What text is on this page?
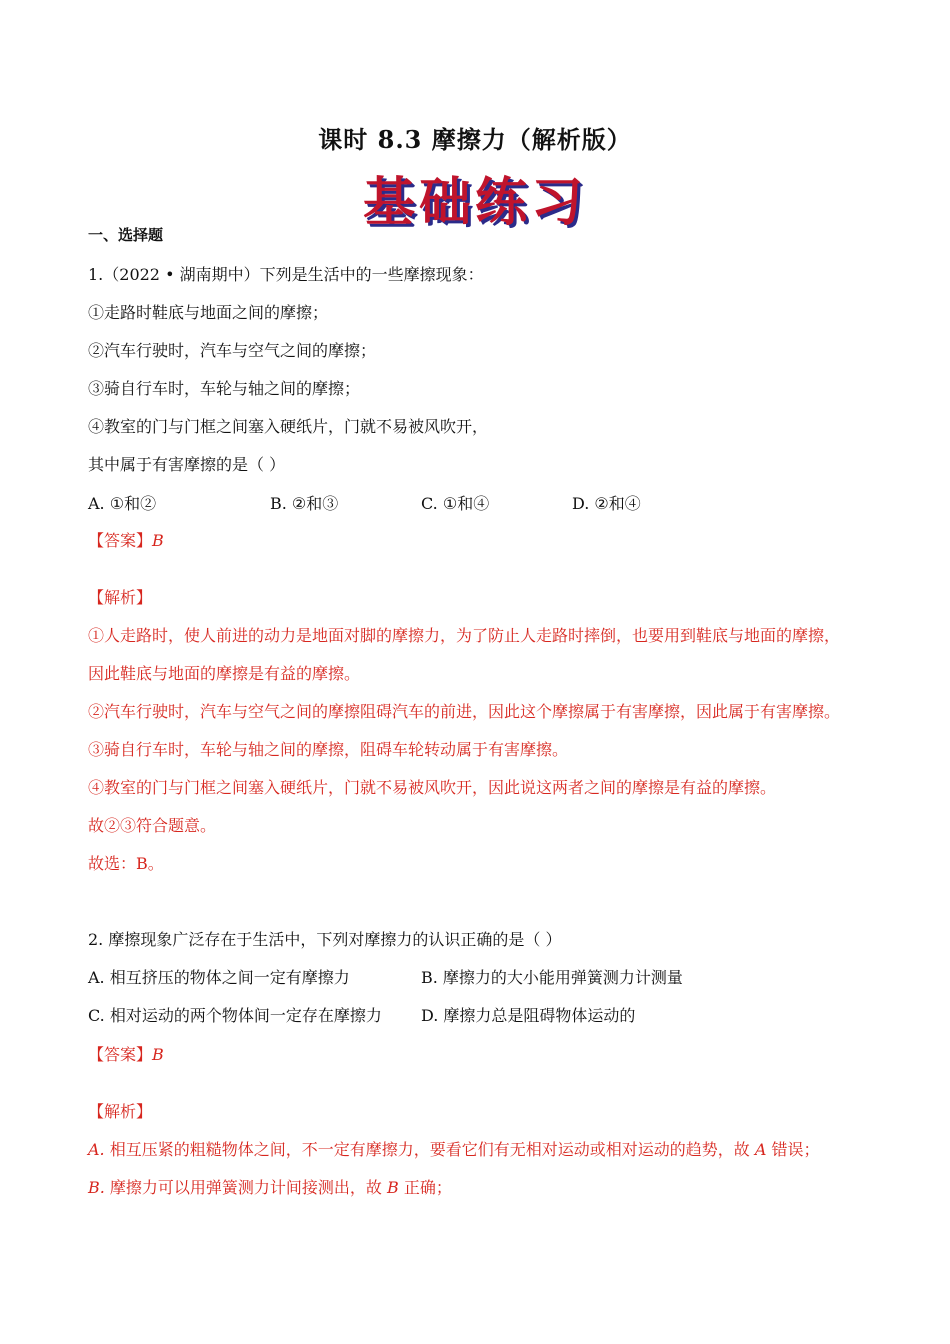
课时 8.3 摩擦力（解析版）
基础练习
一、选择题
1.（2022 • 湖南期中）下列是生活中的一些摩擦现象：
①走路时鞋底与地面之间的摩擦；
②汽车行驶时，汽车与空气之间的摩擦；
③骑自行车时，车轮与轴之间的摩擦；
④教室的门与门框之间塞入硬纸片，门就不易被风吹开，
其中属于有害摩擦的是（ ）
A. ①和②	B. ②和③	C. ①和④	D. ②和④
【答案】B
【解析】
①人走路时，使人前进的动力是地面对脚的摩擦力，为了防止人走路时摔倒，也要用到鞋底与地面的摩擦，
因此鞋底与地面的摩擦是有益的摩擦。
②汽车行驶时，汽车与空气之间的摩擦阻碍汽车的前进，因此这个摩擦属于有害摩擦，因此属于有害摩擦。
③骑自行车时，车轮与轴之间的摩擦，阻碍车轮转动属于有害摩擦。
④教室的门与门框之间塞入硬纸片，门就不易被风吹开，因此说这两者之间的摩擦是有益的摩擦。
故②③符合题意。
故选：B。
2. 摩擦现象广泛存在于生活中，下列对摩擦力的认识正确的是（ ）
A. 相互挤压的物体之间一定有摩擦力	B. 摩擦力的大小能用弹簧测力计测量
C. 相对运动的两个物体间一定存在摩擦力 D. 摩擦力总是阻碍物体运动的
【答案】B
【解析】
A. 相互压紧的粗糙物体之间，不一定有摩擦力，要看它们有无相对运动或相对运动的趋势，故 A 错误；
B. 摩擦力可以用弹簧测力计间接测出，故 B 正确；
